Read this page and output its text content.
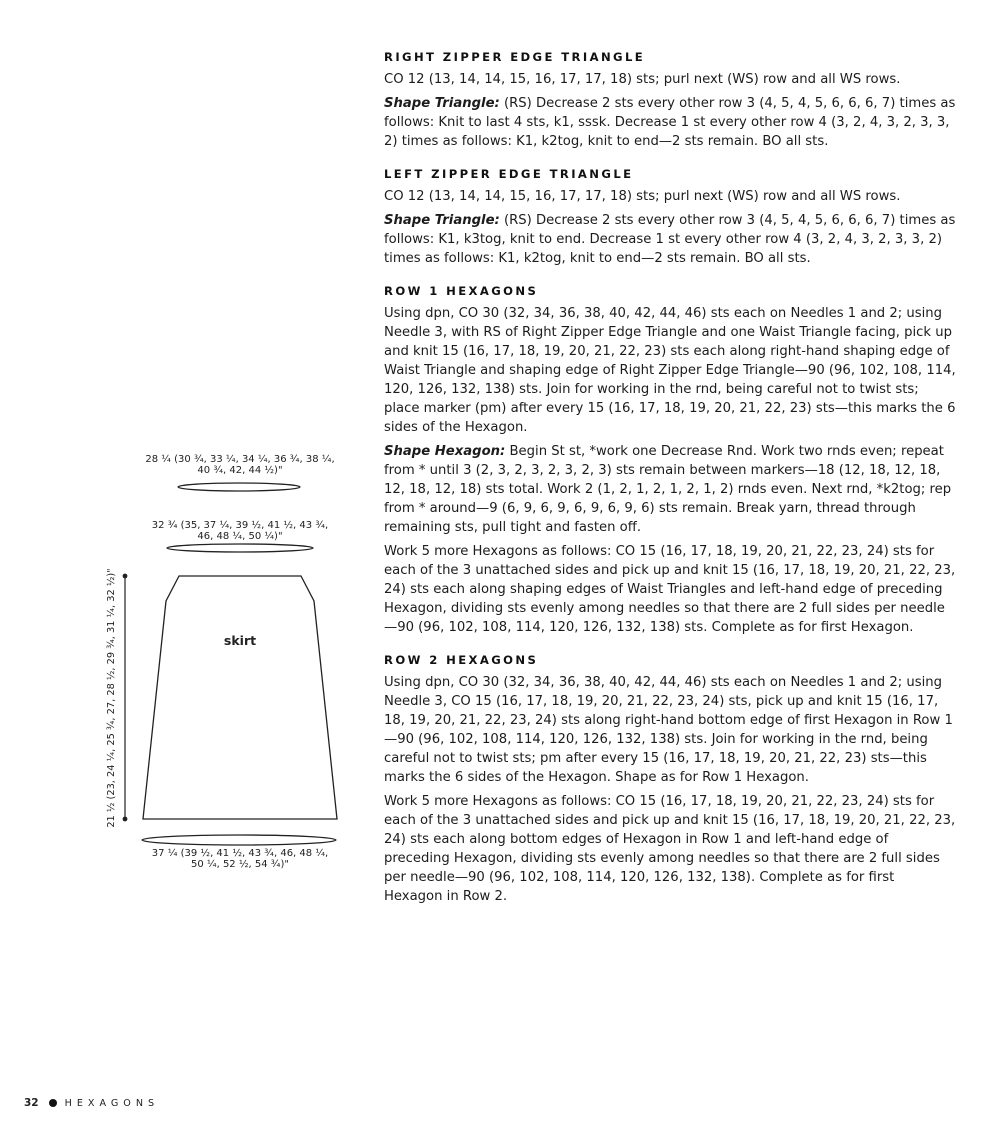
RIGHT ZIPPER EDGE TRIANGLE

CO 12 (13, 14, 14, 15, 16, 17, 17, 18) sts; purl next (WS) row and all WS rows.

Shape Triangle: (RS) Decrease 2 sts every other row 3 (4, 5, 4, 5, 6, 6, 6, 7) times as follows: Knit to last 4 sts, k1, sssk. Decrease 1 st every other row 4 (3, 2, 4, 3, 2, 3, 3, 2) times as follows: K1, k2tog, knit to end—2 sts remain. BO all sts.

LEFT ZIPPER EDGE TRIANGLE

CO 12 (13, 14, 14, 15, 16, 17, 17, 18) sts; purl next (WS) row and all WS rows.

Shape Triangle: (RS) Decrease 2 sts every other row 3 (4, 5, 4, 5, 6, 6, 6, 7) times as follows: K1, k3tog, knit to end. Decrease 1 st every other row 4 (3, 2, 4, 3, 2, 3, 3, 2) times as follows: K1, k2tog, knit to end—2 sts remain. BO all sts.

ROW 1 HEXAGONS

Using dpn, CO 30 (32, 34, 36, 38, 40, 42, 44, 46) sts each on Needles 1 and 2; using Needle 3, with RS of Right Zipper Edge Triangle and one Waist Triangle facing, pick up and knit 15 (16, 17, 18, 19, 20, 21, 22, 23) sts each along right-hand shaping edge of Waist Triangle and shaping edge of Right Zipper Edge Triangle—90 (96, 102, 108, 114, 120, 126, 132, 138) sts. Join for working in the rnd, being careful not to twist sts; place marker (pm) after every 15 (16, 17, 18, 19, 20, 21, 22, 23) sts—this marks the 6 sides of the Hexagon.

Shape Hexagon: Begin St st, *work one Decrease Rnd. Work two rnds even; repeat from * until 3 (2, 3, 2, 3, 2, 3, 2, 3) sts remain between markers—18 (12, 18, 12, 18, 12, 18, 12, 18) sts total. Work 2 (1, 2, 1, 2, 1, 2, 1, 2) rnds even. Next rnd, *k2tog; rep from * around—9 (6, 9, 6, 9, 6, 9, 6, 9, 6) sts remain. Break yarn, thread through remaining sts, pull tight and fasten off.

Work 5 more Hexagons as follows: CO 15 (16, 17, 18, 19, 20, 21, 22, 23, 24) sts for each of the 3 unattached sides and pick up and knit 15 (16, 17, 18, 19, 20, 21, 22, 23, 24) sts each along shaping edges of Waist Triangles and left-hand edge of preceding Hexagon, dividing sts evenly among needles so that there are 2 full sides per needle—90 (96, 102, 108, 114, 120, 126, 132, 138) sts. Complete as for first Hexagon.

ROW 2 HEXAGONS

Using dpn, CO 30 (32, 34, 36, 38, 40, 42, 44, 46) sts each on Needles 1 and 2; using Needle 3, CO 15 (16, 17, 18, 19, 20, 21, 22, 23, 24) sts, pick up and knit 15 (16, 17, 18, 19, 20, 21, 22, 23, 24) sts along right-hand bottom edge of first Hexagon in Row 1—90 (96, 102, 108, 114, 120, 126, 132, 138) sts. Join for working in the rnd, being careful not to twist sts; pm after every 15 (16, 17, 18, 19, 20, 21, 22, 23) sts—this marks the 6 sides of the Hexagon. Shape as for Row 1 Hexagon.

Work 5 more Hexagons as follows: CO 15 (16, 17, 18, 19, 20, 21, 22, 23, 24) sts for each of the 3 unattached sides and pick up and knit 15 (16, 17, 18, 19, 20, 21, 22, 23, 24) sts each along bottom edges of Hexagon in Row 1 and left-hand edge of preceding Hexagon, dividing sts evenly among needles so that there are 2 full sides per needle—90 (96, 102, 108, 114, 120, 126, 132, 138). Complete as for first Hexagon in Row 2.

28 ¼ (30 ¾, 33 ¼, 34 ¼, 36 ¾, 38 ¼,
40 ¾, 42, 44 ½)"
32 ¾ (35, 37 ¼, 39 ½, 41 ½, 43 ¾,
46, 48 ¼, 50 ¼)"
37 ¼ (39 ½, 41 ½, 43 ¾, 46, 48 ¼,
50 ¼, 52 ½, 54 ¾)"
skirt
21 ½ (23, 24 ¼, 25 ¾, 27, 28 ½, 29 ¾, 31 ¼, 32 ½)"
32	HEXAGONS
